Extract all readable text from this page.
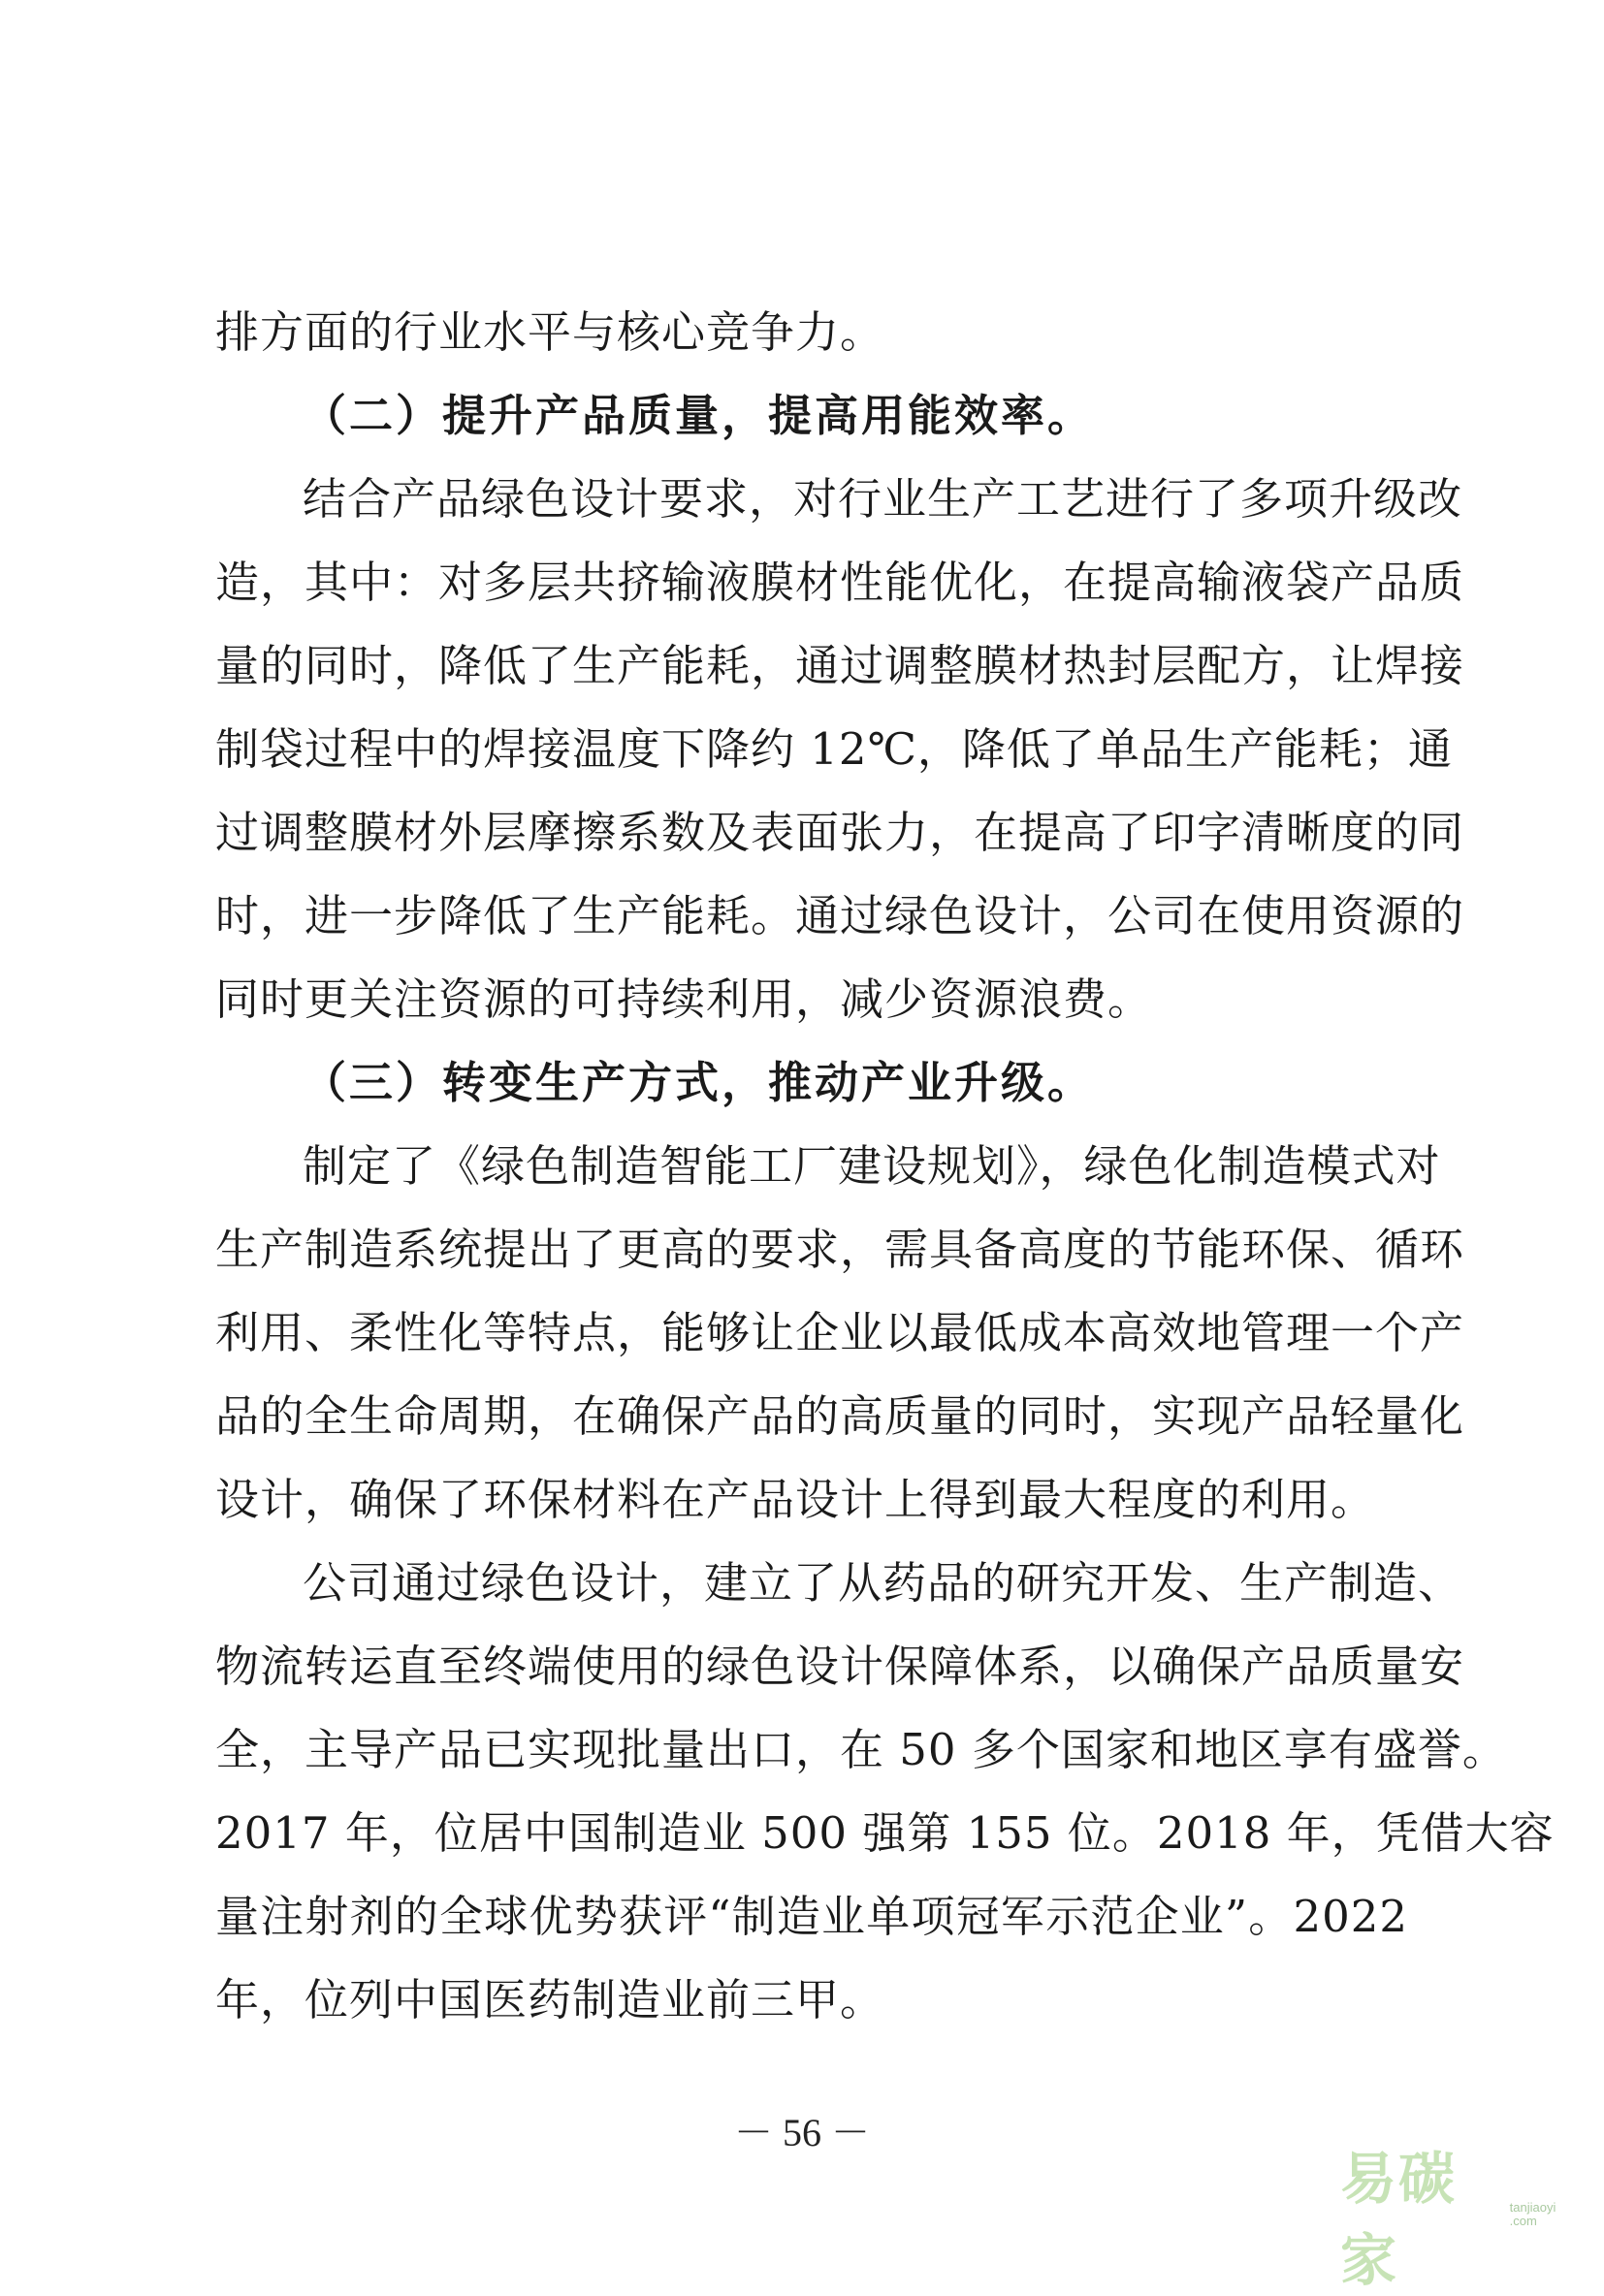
排方面的行业水平与核心竞争力。
（二）提升产品质量，提高用能效率。
结合产品绿色设计要求，对行业生产工艺进行了多项升级改
造，其中：对多层共挤输液膜材性能优化，在提高输液袋产品质
量的同时，降低了生产能耗，通过调整膜材热封层配方，让焊接
制袋过程中的焊接温度下降约 12℃，降低了单品生产能耗；通
过调整膜材外层摩擦系数及表面张力，在提高了印字清晰度的同
时，进一步降低了生产能耗。通过绿色设计，公司在使用资源的
同时更关注资源的可持续利用，减少资源浪费。
（三）转变生产方式，推动产业升级。
制定了《绿色制造智能工厂建设规划》，绿色化制造模式对
生产制造系统提出了更高的要求，需具备高度的节能环保、循环
利用、柔性化等特点，能够让企业以最低成本高效地管理一个产
品的全生命周期，在确保产品的高质量的同时，实现产品轻量化
设计，确保了环保材料在产品设计上得到最大程度的利用。
公司通过绿色设计，建立了从药品的研究开发、生产制造、
物流转运直至终端使用的绿色设计保障体系，以确保产品质量安
全，主导产品已实现批量出口，在 50 多个国家和地区享有盛誉。
2017 年，位居中国制造业 500 强第 155 位。2018 年，凭借大容
量注射剂的全球优势获评“制造业单项冠军示范企业”。2022
年，位列中国医药制造业前三甲。
－ 56 －
易碳家
tanjiaoyi .com
